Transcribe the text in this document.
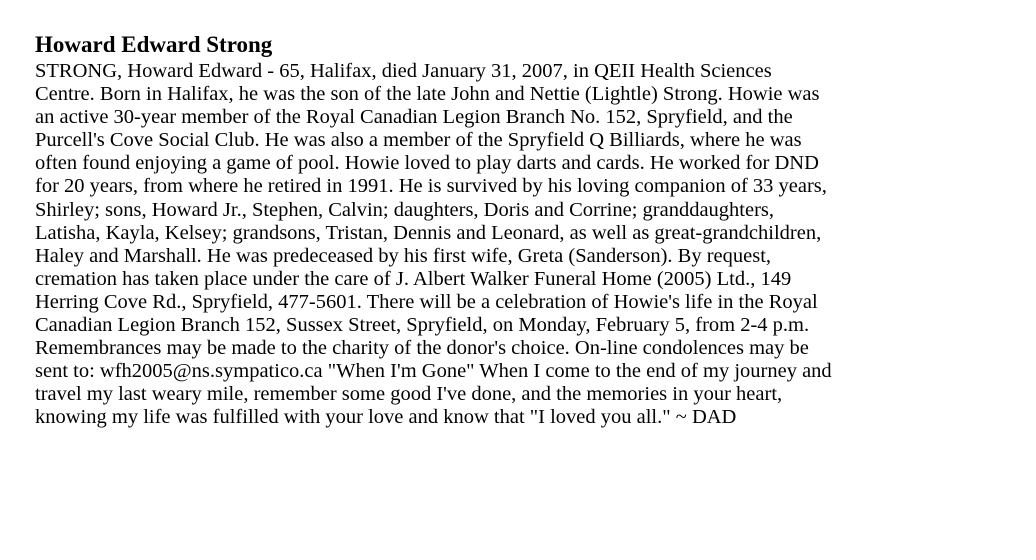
Howard Edward Strong
STRONG, Howard Edward - 65, Halifax, died January 31, 2007, in QEII Health Sciences
Centre. Born in Halifax, he was the son of the late John and Nettie (Lightle) Strong. Howie was
an active 30-year member of the Royal Canadian Legion Branch No. 152, Spryfield, and the
Purcell's Cove Social Club. He was also a member of the Spryfield Q Billiards, where he was
often found enjoying a game of pool. Howie loved to play darts and cards. He worked for DND
for 20 years, from where he retired in 1991. He is survived by his loving companion of 33 years,
Shirley; sons, Howard Jr., Stephen, Calvin; daughters, Doris and Corrine; granddaughters,
Latisha, Kayla, Kelsey; grandsons, Tristan, Dennis and Leonard, as well as great-grandchildren,
Haley and Marshall. He was predeceased by his first wife, Greta (Sanderson). By request,
cremation has taken place under the care of J. Albert Walker Funeral Home (2005) Ltd., 149
Herring Cove Rd., Spryfield, 477-5601. There will be a celebration of Howie's life in the Royal
Canadian Legion Branch 152, Sussex Street, Spryfield, on Monday, February 5, from 2-4 p.m.
Remembrances may be made to the charity of the donor's choice. On-line condolences may be
sent to: wfh2005@ns.sympatico.ca "When I'm Gone" When I come to the end of my journey and
travel my last weary mile, remember some good I've done, and the memories in your heart,
knowing my life was fulfilled with your love and know that "I loved you all." ~ DAD
